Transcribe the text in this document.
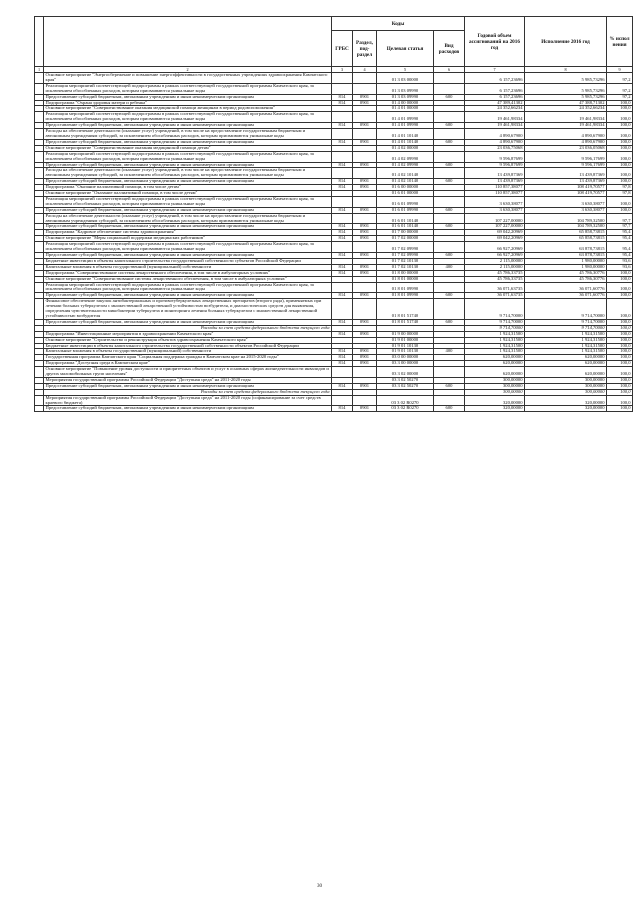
		Коды				Годовой объем ассигнований на 2016 год	Исполнение 2016 год	% испол нения
		ГРБС	Раздел, под-раздел	Целевая статья	Вид расходов			
1	2	3	4	5	6	7	8	9
	Основное мероприятие "Энергосбережение и повышение энергоэффективности в государственных учреждениях здравоохранения Камчатского края"			01 3 03 00000		6 157,23696	5 985,73296	97,2
	Реализация мероприятий соответствующей подпрограммы в рамках соответствующей государственной программы Камчатского края, за исключением обособленных расходов, которым присваиваются уникальные коды			01 3 03 09990		6 157,23696	5 985,73296	97,2
	Предоставление субсидий бюджетным, автономным учреждениям и иным некоммерческим организациям	814	0901	01 3 03 09990	600	6 157,23696	5 985,73296	97,2
	Подпрограмма "Охрана здоровья матери и ребенка"	814	0901	01 4 00 00000		47 389,41302	47 388,71302	100,0
	Основное мероприятие "Совершенствование оказания медицинской помощи женщинам в период родовспоможения"			01 4 01 00000		24 352,66234	24 352,66234	100,0
	Реализация мероприятий соответствующей подпрограммы в рамках соответствующей государственной программы Камчатского края, за исключением обособленных расходов, которым присваиваются уникальные коды			01 4 01 09990		19 461,98334	19 461,98334	100,0
	Предоставление субсидий бюджетным, автономным учреждениям и иным некоммерческим организациям	814	0901	01 4 01 09990	600	19 461,98334	19 461,98334	100,0
	Расходы на обеспечение деятельности (оказание услуг) учреждений, в том числе на предоставление государственным бюджетным и автономным учреждениям субсидий, за исключением обособленных расходов, которым присваиваются уникальные коды			01 4 01 10140		4 890,67900	4 890,67900	100,0
	Предоставление субсидий бюджетным, автономным учреждениям и иным некоммерческим организациям	814	0901	01 4 01 10140	600	4 890,67900	4 890,67900	100,0
	Основное мероприятие "Совершенствование оказания медицинской помощи детям"			01 4 02 00000		23 036,75068	23 036,05068	100,0
	Реализация мероприятий соответствующей подпрограммы в рамках соответствующей государственной программы Камчатского края, за исключением обособленных расходов, которым присваиваются уникальные коды			01 4 02 09990		9 596,87699	9 596,17699	100,0
	Предоставление субсидий бюджетным, автономным учреждениям и иным некоммерческим организациям	814	0901	01 4 02 09990	600	9 596,87699	9 596,17699	100,0
	Расходы на обеспечение деятельности (оказание услуг) учреждений, в том числе на предоставление государственным бюджетным и автономным учреждениям субсидий, за исключением обособленных расходов, которым присваиваются уникальные коды			01 4 02 10140		13 439,87369	13 439,87369	100,0
	Предоставление субсидий бюджетным, автономным учреждениям и иным некоммерческим организациям	814	0901	01 4 02 10140	600	13 439,87369	13 439,87369	100,0
	Подпрограмма "Оказание паллиативной помощи, в том числе детям"	814	0901	01 6 00 00000		110 857,38077	108 419,70577	97,8
	Основное мероприятие "Оказание паллиативной помощи, в том числе детям"			01 6 01 00000		110 857,38077	108 419,70577	97,8
	Реализация мероприятий соответствующей подпрограммы в рамках соответствующей государственной программы Камчатского края, за исключением обособленных расходов, которым присваиваются уникальные коды			01 6 01 09990		3 630,38077	3 630,38077	100,0
	Предоставление субсидий бюджетным, автономным учреждениям и иным некоммерческим организациям	814	0901	01 6 01 09990	600	3 630,38077	3 630,38077	100,0
	Расходы на обеспечение деятельности (оказание услуг) учреждений, в том числе на предоставление государственным бюджетным и автономным учреждениям субсидий, за исключением обособленных расходов, которым присваиваются уникальные коды			01 6 01 10140		107 227,00000	104 789,32500	97,7
	Предоставление субсидий бюджетным, автономным учреждениям и иным некоммерческим организациям	814	0901	01 6 01 10140	600	107 227,00000	104 789,32500	97,7
	Подпрограмма "Кадровое обеспечение системы здравоохранения"	814	0901	01 7 00 00000		69 042,20969	65 858,73815	95,4
	Основное мероприятие "Меры социальной поддержки медицинских работников"	814	0901	01 7 02 00000		69 042,20969	65 858,73815	95,4
	Реализация мероприятий соответствующей подпрограммы в рамках соответствующей государственной программы Камчатского края, за исключением обособленных расходов, которым присваиваются уникальные коды			01 7 02 09990		66 927,20969	63 878,73815	95,4
	Предоставление субсидий бюджетным, автономным учреждениям и иным некоммерческим организациям	814	0901	01 7 02 09990	600	66 927,20969	63 878,73815	95,4
	Бюджетные инвестиции в объекты капитального строительства государственной собственности субъектов Российской Федерации			01 7 02 10130		2 115,00000	1 980,00000	93,6
	Капитальные вложения в объекты государственной (муниципальной) собственности	814	0901	01 7 02 10130	400	2 115,00000	1 980,00000	93,6
	Подпрограмма "Совершенствование системы лекарственного обеспечения, в том числе в амбулаторных условиях"	814	0901	01 8 00 00000		45 786,33735	45 786,30776	100,0
	Основное мероприятие "Совершенствование системы лекарственного обеспечения, в том числе в амбулаторных условиях"			01 8 01 00000		45 786,33735	45 786,30776	100,0
	Реализация мероприятий соответствующей подпрограммы в рамках соответствующей государственной программы Камчатского края, за исключением обособленных расходов, которым присваиваются уникальные коды			01 8 01 09990		36 071,63735	36 071,60776	100,0
	Предоставление субсидий бюджетным, автономным учреждениям и иным некоммерческим организациям	814	0901	01 8 01 09990	600	36 071,63735	36 071,60776	100,0
	Финансовое обеспечение закупок антибактериальных и противотуберкулезных лекарственных препаратов (второго ряда), применяемых при лечении больных туберкулезом с множественной лекарственной устойчивостью возбудителя, и диагностических средств для выявления, определения чувствительности микобактерии туберкулеза и мониторинга лечения больных туберкулезом с множественной лекарственной устойчивостью возбудителя			01 8 01 51740		9 714,70000	9 714,70000	100,0
	Предоставление субсидий бюджетным, автономным учреждениям и иным некоммерческим организациям	814	0901	01 8 01 51740	600	9 714,70000	9 714,70000	100,0
	Расходы за счет средств федерального бюджета текущего года					9 714,70000	9 714,70000	100,0
	Подпрограмма "Инвестиционные мероприятия в здравоохранении Камчатского края"	814	0901	01 9 00 00000		1 924,31500	1 924,31500	100,0
	Основное мероприятие "Строительство и реконструкция объектов здравоохранения Камчатского края"			01 9 01 00000		1 924,31500	1 924,31500	100,0
	Бюджетные инвестиции в объекты капитального строительства государственной собственности объектов Российской Федерации			01 9 01 10130		1 924,31500	1 924,31500	100,0
	Капитальные вложения в объекты государственной (муниципальной) собственности	814	0901	01 9 01 10130	400	1 924,31500	1 924,31500	100,0
	Государственная программа Камчатского края "Социальная поддержка граждан в Камчатском крае на 2015-2020 годы"	814	0901	03 0 00 00000		620,00000	620,00000	100,0
	Подпрограмма "Доступная среда в Камчатском крае"	814	0901	03 3 00 00000		620,00000	620,00000	100,0
	Основное мероприятие "Повышение уровня доступности и приоритетных объектов и услуг в основных сферах жизнедеятельности инвалидов и других маломобильных групп населения"			03 3 02 00000		620,00000	620,00000	100,0
	Мероприятия государственной программы Российской Федерации "Доступная среда" на 2011-2020 годы			03 3 02 50270		300,00000	300,00000	100,0
	Предоставление субсидий бюджетным, автономным учреждениям и иным некоммерческим организациям	814	0901	03 3 02 50270	600	300,00000	300,00000	100,0
	Расходы за счет средств федерального бюджета текущего года					300,00000	300,00000	100,0
	Мероприятия государственной программы Российской Федерации "Доступная среда" на 2011-2020 годы (софинансирование за счет средств краевого бюджета)			03 3 02 R0270		320,00000	320,00000	100,0
	Предоставление субсидий бюджетным, автономным учреждениям и иным некоммерческим организациям	814	0901	03 3 02 R0270	600	320,00000	320,00000	100,0
30
